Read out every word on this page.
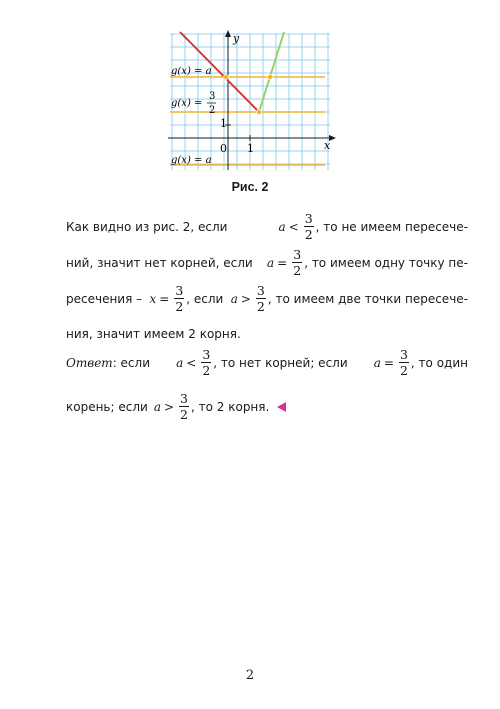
y
x
0 1
1
g(x) = a
g(x) =
3
2
g(x) = a
Рис. 2
Как видно из рис. 2, если	$a < \frac{3}{2}$ , то не имеем пересече-
ний, значит нет корней, если $a = \frac{3}{2}$ , то имеем одну точку пе-
ресечения – $x = \frac{3}{2}$ , если $a > \frac{3}{2}$ , то имеем две точки пересече-
ния, значит имеем 2 корня.
Ответ : если $a < \frac{3}{2}$ , то нет корней; если $a = \frac{3}{2}$ , то один
корень; если $a > \frac{3}{2}$ , то 2 корня.
2
